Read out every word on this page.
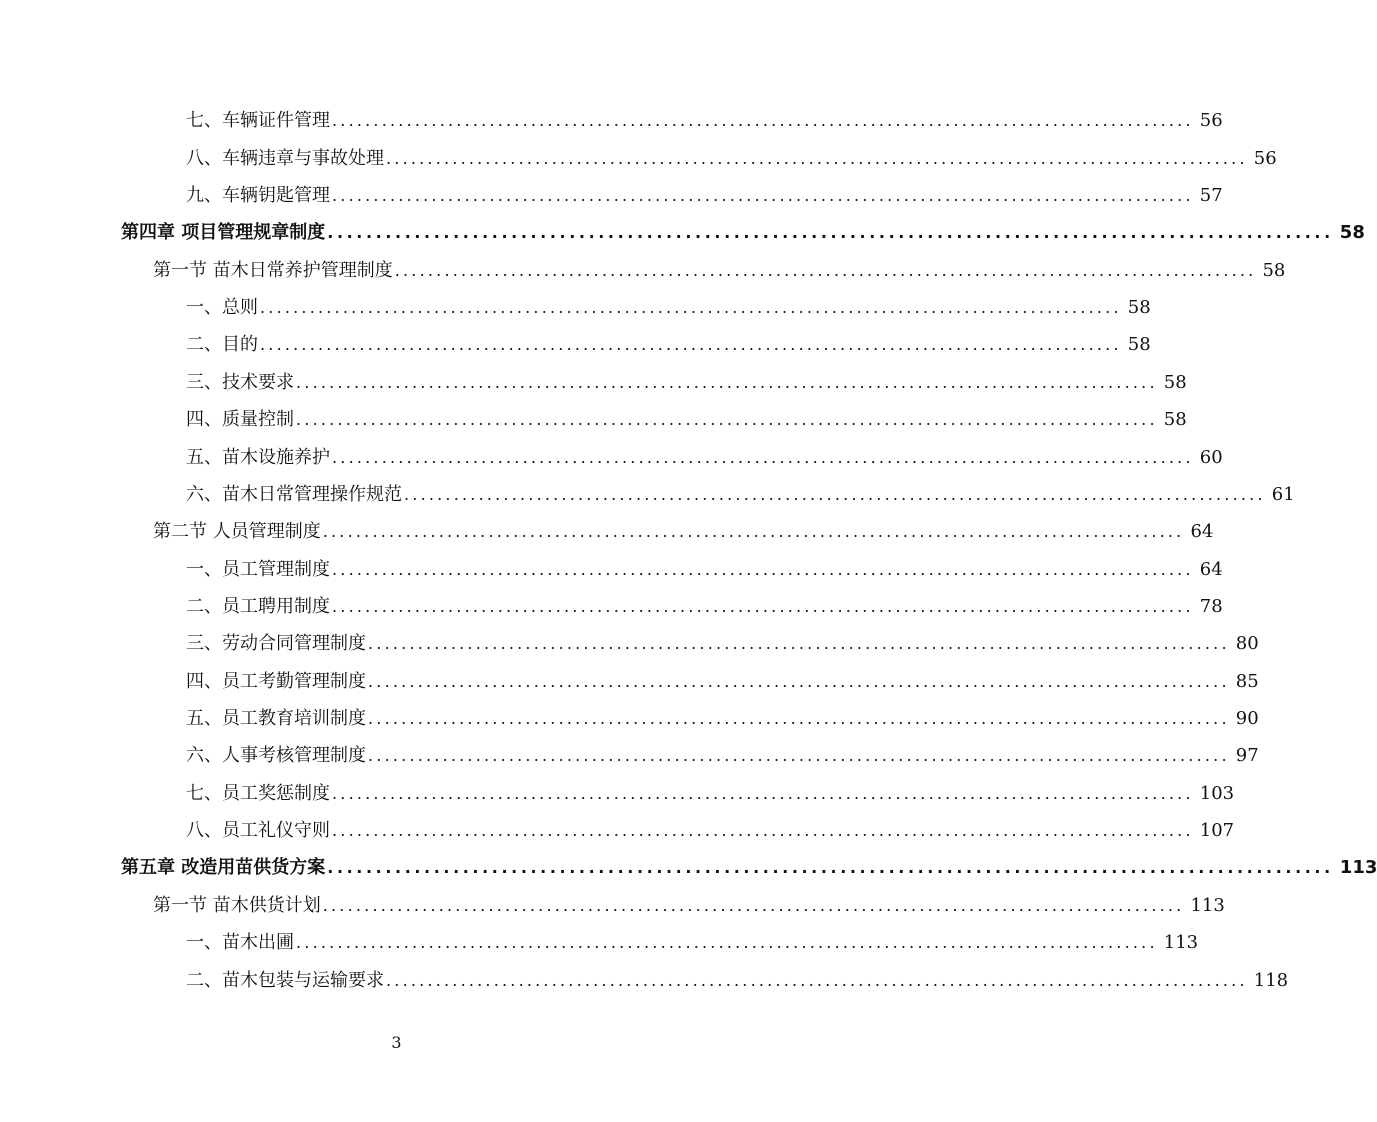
七、车辆证件管理 ........................................................................................................ 56
八、车辆违章与事故处理 ........................................................................................................ 56
九、车辆钥匙管理 ........................................................................................................ 57
第四章 项目管理规章制度 ........................................................................................................ 58
第一节 苗木日常养护管理制度 ........................................................................................................ 58
一、总则 ........................................................................................................ 58
二、目的 ........................................................................................................ 58
三、技术要求 ........................................................................................................ 58
四、质量控制 ........................................................................................................ 58
五、苗木设施养护 ........................................................................................................ 60
六、苗木日常管理操作规范 ........................................................................................................ 61
第二节 人员管理制度 ........................................................................................................ 64
一、员工管理制度 ........................................................................................................ 64
二、员工聘用制度 ........................................................................................................ 78
三、劳动合同管理制度 ........................................................................................................ 80
四、员工考勤管理制度 ........................................................................................................ 85
五、员工教育培训制度 ........................................................................................................ 90
六、人事考核管理制度 ........................................................................................................ 97
七、员工奖惩制度 ........................................................................................................ 103
八、员工礼仪守则 ........................................................................................................ 107
第五章 改造用苗供货方案 ........................................................................................................ 113
第一节 苗木供货计划 ........................................................................................................ 113
一、苗木出圃 ........................................................................................................ 113
二、苗木包装与运输要求 ........................................................................................................ 118
3
